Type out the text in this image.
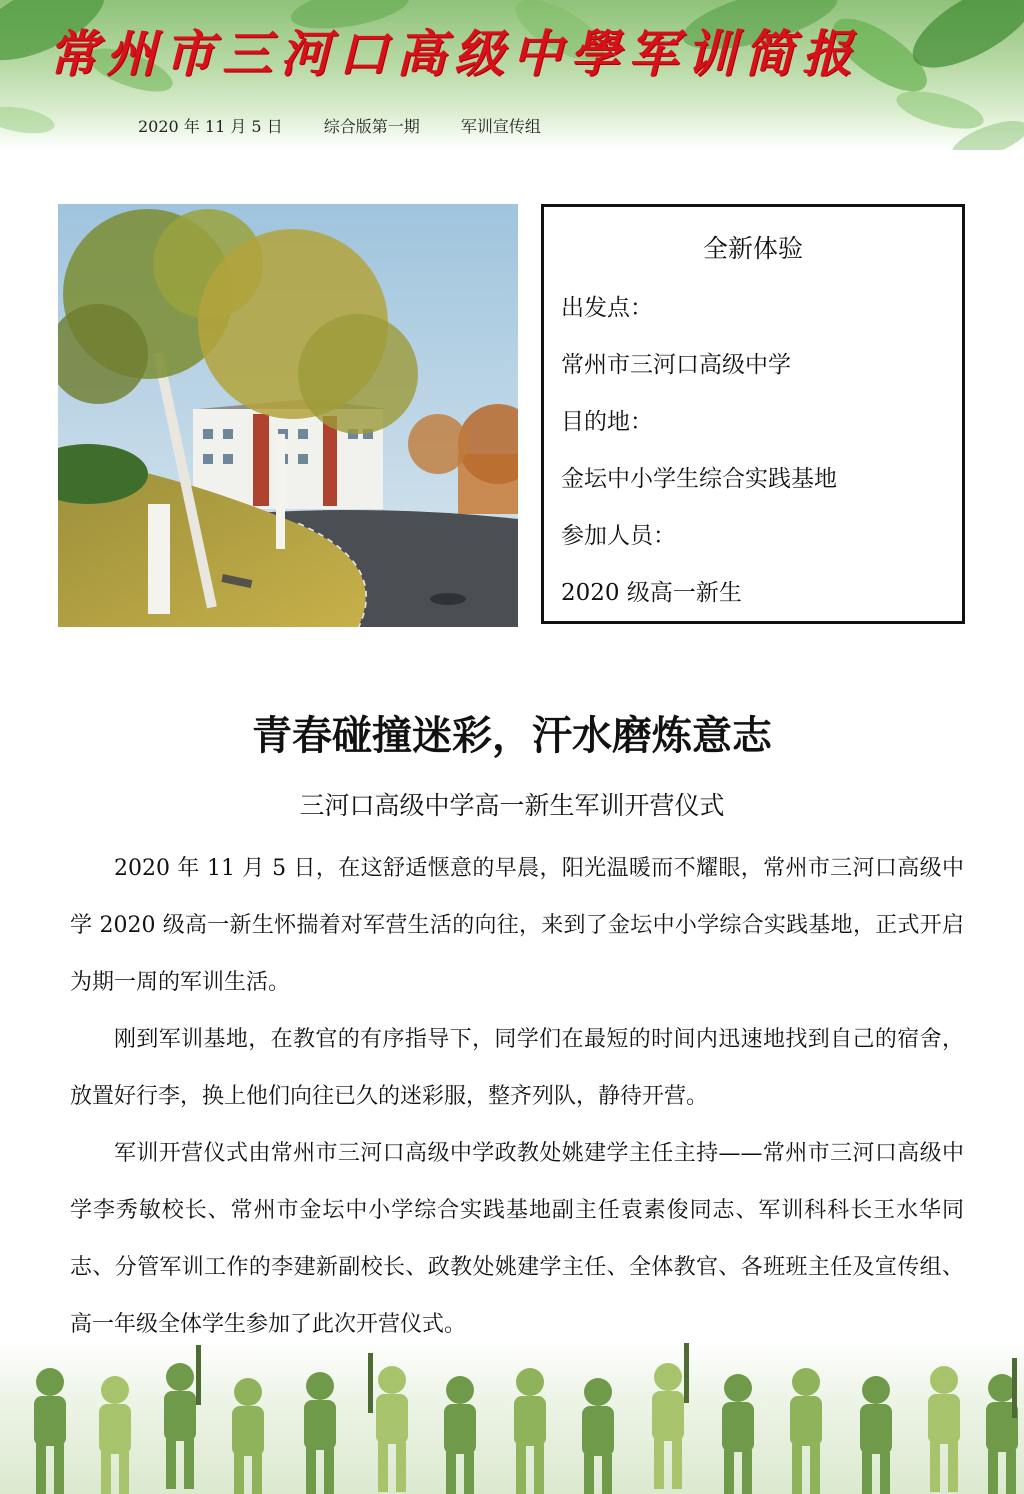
常州市三河口高级中學军训简报
2020 年 11 月 5 日	综合版第一期	军训宣传组
全新体验
出发点：
常州市三河口高级中学
目的地：
金坛中小学生综合实践基地
参加人员：
2020 级高一新生
青春碰撞迷彩，汗水磨炼意志
三河口高级中学高一新生军训开营仪式

2020 年 11 月 5 日，在这舒适惬意的早晨，阳光温暖而不耀眼，常州市三河口高级中学 2020 级高一新生怀揣着对军营生活的向往，来到了金坛中小学综合实践基地，正式开启为期一周的军训生活。

刚到军训基地，在教官的有序指导下，同学们在最短的时间内迅速地找到自己的宿舍，放置好行李，换上他们向往已久的迷彩服，整齐列队，静待开营。

军训开营仪式由常州市三河口高级中学政教处姚建学主任主持——常州市三河口高级中学李秀敏校长、常州市金坛中小学综合实践基地副主任袁素俊同志、军训科科长王水华同志、分管军训工作的李建新副校长、政教处姚建学主任、全体教官、各班班主任及宣传组、高一年级全体学生参加了此次开营仪式。
